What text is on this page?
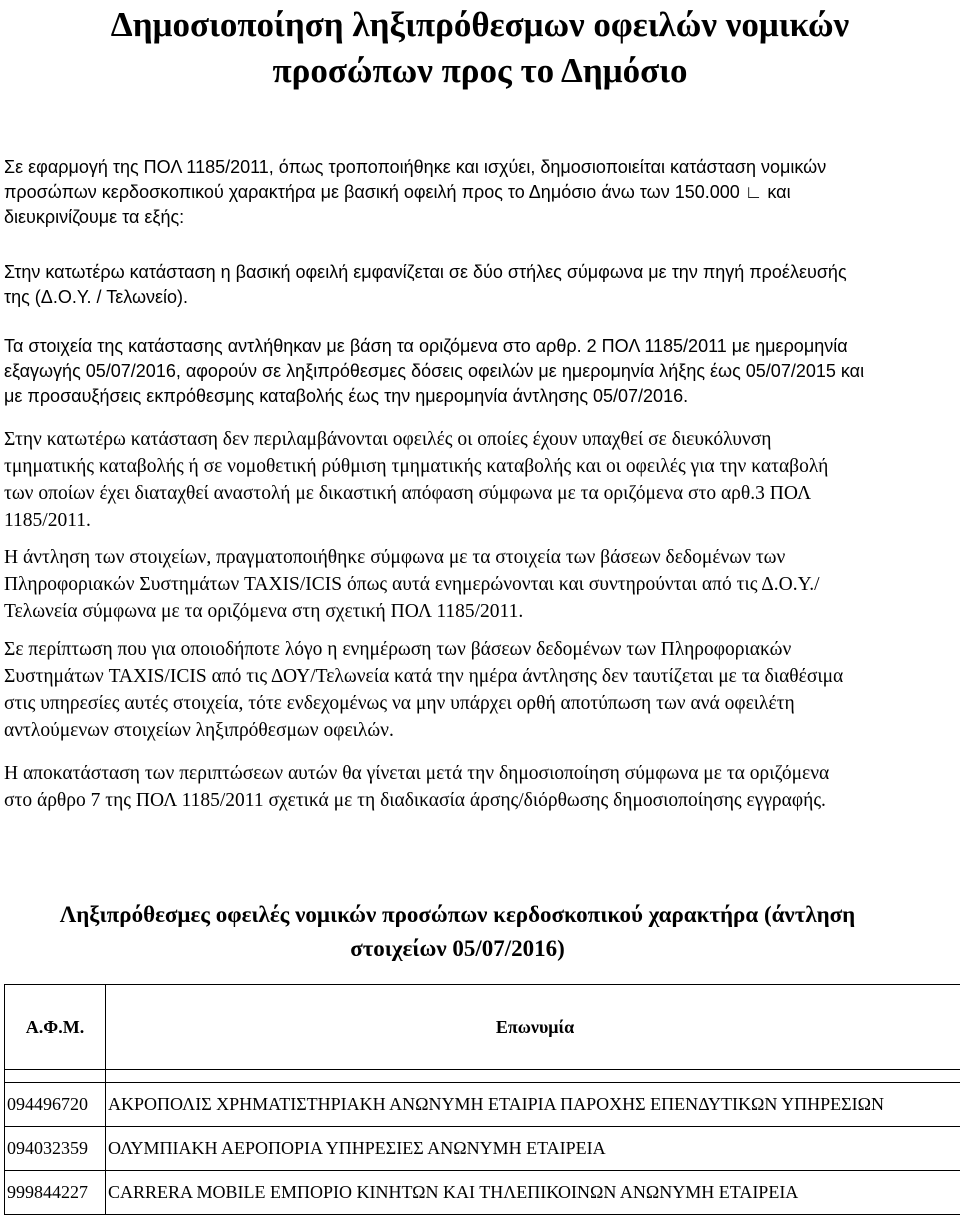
Δημοσιοποίηση ληξιπρόθεσμων οφειλών νομικών
προσώπων προς το Δημόσιο

Σε εφαρμογή της ΠΟΛ 1185/2011, όπως τροποποιήθηκε και ισχύει, δημοσιοποιείται κατάσταση νομικών
προσώπων κερδοσκοπικού χαρακτήρα με βασική οφειλή προς το Δημόσιο άνω των 150.000 ∟ και
διευκρινίζουμε τα εξής:

Στην κατωτέρω κατάσταση η βασική οφειλή εμφανίζεται σε δύο στήλες σύμφωνα με την πηγή προέλευσής
της (Δ.Ο.Υ. / Τελωνείο).

Τα στοιχεία της κατάστασης αντλήθηκαν με βάση τα οριζόμενα στο αρθρ. 2 ΠΟΛ 1185/2011 με ημερομηνία
εξαγωγής 05/07/2016, αφορούν σε ληξιπρόθεσμες δόσεις οφειλών με ημερομηνία λήξης έως 05/07/2015 και
με προσαυξήσεις εκπρόθεσμης καταβολής έως την ημερομηνία άντλησης 05/07/2016.

Στην κατωτέρω κατάσταση δεν περιλαμβάνονται οφειλές οι οποίες έχουν υπαχθεί σε διευκόλυνση
τμηματικής καταβολής ή σε νομοθετική ρύθμιση τμηματικής καταβολής και οι οφειλές για την καταβολή
των οποίων έχει διαταχθεί αναστολή με δικαστική απόφαση σύμφωνα με τα οριζόμενα στο αρθ.3 ΠΟΛ
1185/2011.

Η άντληση των στοιχείων, πραγματοποιήθηκε σύμφωνα με τα στοιχεία των βάσεων δεδομένων των
Πληροφοριακών Συστημάτων TAXIS/ICIS όπως αυτά ενημερώνονται και συντηρούνται από τις Δ.Ο.Υ./
Τελωνεία σύμφωνα με τα οριζόμενα στη σχετική ΠΟΛ 1185/2011.

Σε περίπτωση που για οποιοδήποτε λόγο η ενημέρωση των βάσεων δεδομένων των Πληροφοριακών
Συστημάτων TAXIS/ICIS από τις ΔΟΥ/Τελωνεία κατά την ημέρα άντλησης δεν ταυτίζεται με τα διαθέσιμα
στις υπηρεσίες αυτές στοιχεία, τότε ενδεχομένως να μην υπάρχει ορθή αποτύπωση των ανά οφειλέτη
αντλούμενων στοιχείων ληξιπρόθεσμων οφειλών.

Η αποκατάσταση των περιπτώσεων αυτών θα γίνεται μετά την δημοσιοποίηση σύμφωνα με τα οριζόμενα
στο άρθρο 7 της ΠΟΛ 1185/2011 σχετικά με τη διαδικασία άρσης/διόρθωσης δημοσιοποίησης εγγραφής.

Ληξιπρόθεσμες οφειλές νομικών προσώπων κερδοσκοπικού χαρακτήρα (άντληση
στοιχείων 05/07/2016)
Α.Φ.Μ.	Επωνυμία

094496720	ΑΚΡΟΠΟΛΙΣ ΧΡΗΜΑΤΙΣΤΗΡΙΑΚΗ ΑΝΩΝΥΜΗ ΕΤΑΙΡΙΑ ΠΑΡΟΧΗΣ ΕΠΕΝΔΥΤΙΚΩΝ ΥΠΗΡΕΣΙΩΝ
094032359	ΟΛΥΜΠΙΑΚΗ ΑΕΡΟΠΟΡΙΑ ΥΠΗΡΕΣΙΕΣ ΑΝΩΝΥΜΗ ΕΤΑΙΡΕΙΑ
999844227	CARRERA MOBILE ΕΜΠΟΡΙΟ ΚΙΝΗΤΩΝ ΚΑΙ ΤΗΛΕΠΙΚΟΙΝΩΝ ΑΝΩΝΥΜΗ ΕΤΑΙΡΕΙΑ
